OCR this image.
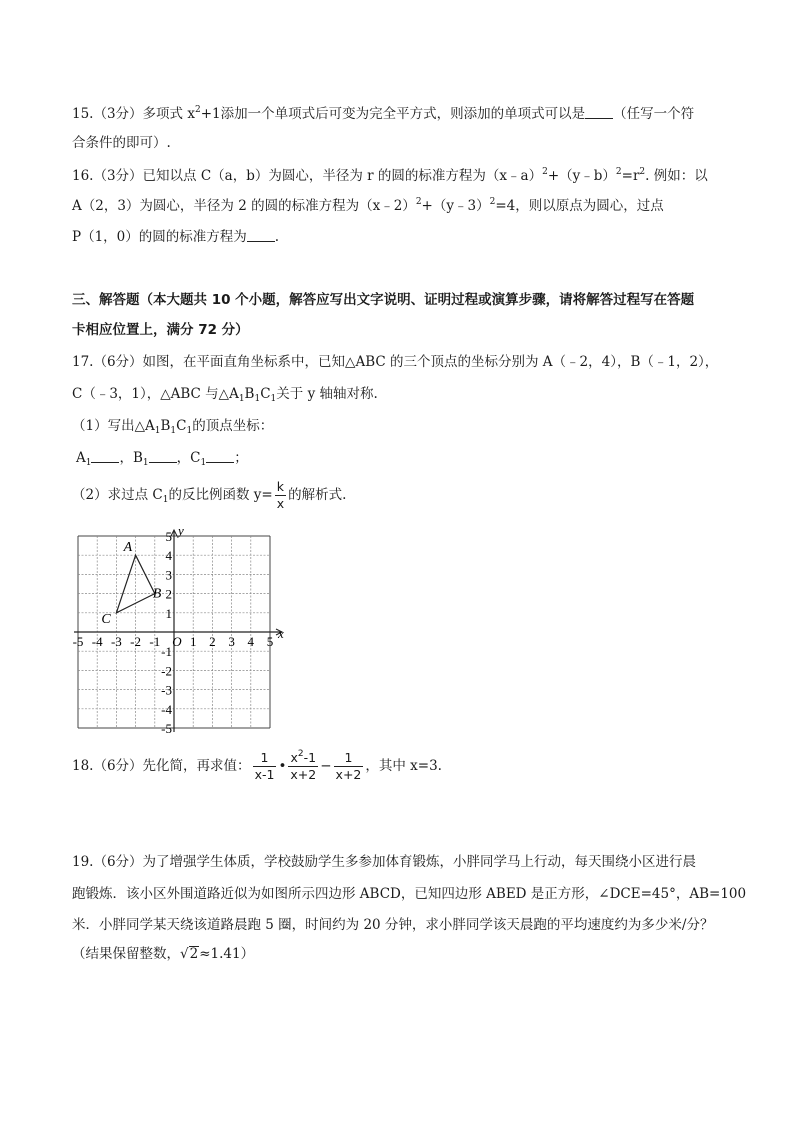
15.（3分）多项式 $x^2+1$添加一个单项式后可变为完全平方式，则添加的单项式可以是 （任写一个符
合条件的即可）.
16.（3分）已知以点 C（a，b）为圆心，半径为 r 的圆的标准方程为$(x﹣a)^2+(y﹣b)^2=r^2$. 例如：以
A（2，3）为圆心，半径为 2 的圆的标准方程为（x﹣2）$^2$+（y﹣3）$^2$=4，则以原点为圆心，过点
P（1，0）的圆的标准方程为 .
三、解答题（本大题共 10 个小题，解答应写出文字说明、证明过程或演算步骤，请将解答过程写在答题
卡相应位置上，满分 72 分）
17.（6分）如图，在平面直角坐标系中，已知△ABC 的三个顶点的坐标分别为 A（﹣2，4），B（﹣1，2），
C（﹣3，1），△ABC 与$\triangle A_1B_1C_1$关于 y 轴轴对称.
（1）写出$\triangle A_1B_1C_1$的顶点坐标：
$A_1$ ，$B_1$ ，$C_1$ ；
（2）求过点 $C_1$的反比例函数 $y= \frac{k}{x}$ 的解析式.
x
y
-5 -4 -3 -2 -1 O 1 2 3 4 5
5
4
3
2
1
-1
-2
-3
-4
-5
A
B
C
18.（6分）先化简，再求值： $\frac{1}{x-1}$ • $\frac{x^2-1}{x+2} - \frac{1}{x+2}$ ，其中 x=3.
19.（6分）为了增强学生体质，学校鼓励学生多参加体育锻炼，小胖同学马上行动，每天围绕小区进行晨
跑锻炼．该小区外围道路近似为如图所示四边形 ABCD，已知四边形 ABED 是正方形，∠DCE=45°，AB=100
米．小胖同学某天绕该道路晨跑 5 圈，时间约为 20 分钟，求小胖同学该天晨跑的平均速度约为多少米/分？
（结果保留整数，√2≈1.41）
